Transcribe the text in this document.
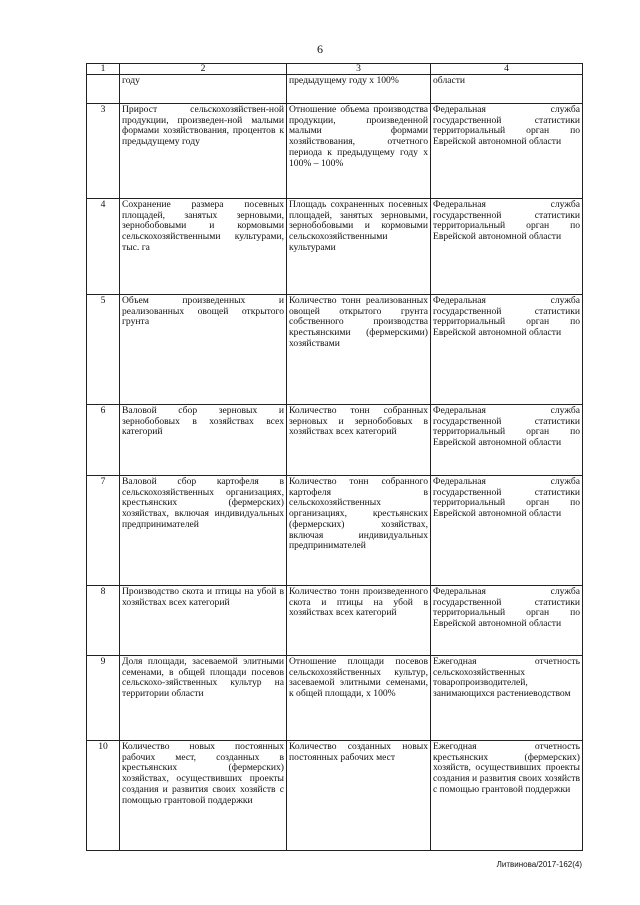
6
1	2	3	4
	году	предыдущему году х 100%	области
3	Прирост сельскохозяйствен-ной продукции, произведен-ной малыми формами хозяйствования, процентов к предыдущему году	Отношение объема производства продукции, произведенной малыми формами хозяйствования, отчетного периода к предыдущему году х 100% – 100%	Федеральная служба государственной статистики территориальный орган по Еврейской автономной области
4	Сохранение размера посевных площадей, занятых зерновыми, зернобобовыми и кормовыми сельскохозяйственными культурами, тыс. га	Площадь сохраненных посевных площадей, занятых зерновыми, зернобобовыми и кормовыми сельскохозяйственными культурами	Федеральная служба государственной статистики территориальный орган по Еврейской автономной области
5	Объем произведенных и реализованных овощей открытого грунта	Количество тонн реализованных овощей открытого грунта собственного производства крестьянскими (фермерскими) хозяйствами	Федеральная служба государственной статистики территориальный орган по Еврейской автономной области
6	Валовой сбор зерновых и зернобобовых в хозяйствах всех категорий	Количество тонн собранных зерновых и зернобобовых в хозяйствах всех категорий	Федеральная служба государственной статистики территориальный орган по Еврейской автономной области
7	Валовой сбор картофеля в сельскохозяйственных организациях, крестьянских (фермерских) хозяйствах, включая индивидуальных предпринимателей	Количество тонн собранного картофеля в сельскохозяйственных организациях, крестьянских (фермерских) хозяйствах, включая индивидуальных предпринимателей	Федеральная служба государственной статистики территориальный орган по Еврейской автономной области
8	Производство скота и птицы на убой в хозяйствах всех категорий	Количество тонн произведенного скота и птицы на убой в хозяйствах всех категорий	Федеральная служба государственной статистики территориальный орган по Еврейской автономной области
9	Доля площади, засеваемой элитными семенами, в общей площади посевов сельскохо-зяйственных культур на территории области	Отношение площади посевов сельскохозяйственных культур, засеваемой элитными семенами, к общей площади, х 100%	Ежегодная отчетность сельскохозяйственных товаропроизводителей, занимающихся растениеводством
10	Количество новых постоянных рабочих мест, созданных в крестьянских (фермерских) хозяйствах, осуществивших проекты создания и развития своих хозяйств с помощью грантовой поддержки	Количество созданных новых постоянных рабочих мест	Ежегодная отчетность крестьянских (фермерских) хозяйств, осуществивших проекты создания и развития своих хозяйств с помощью грантовой поддержки
Литвинова/2017-162(4)
